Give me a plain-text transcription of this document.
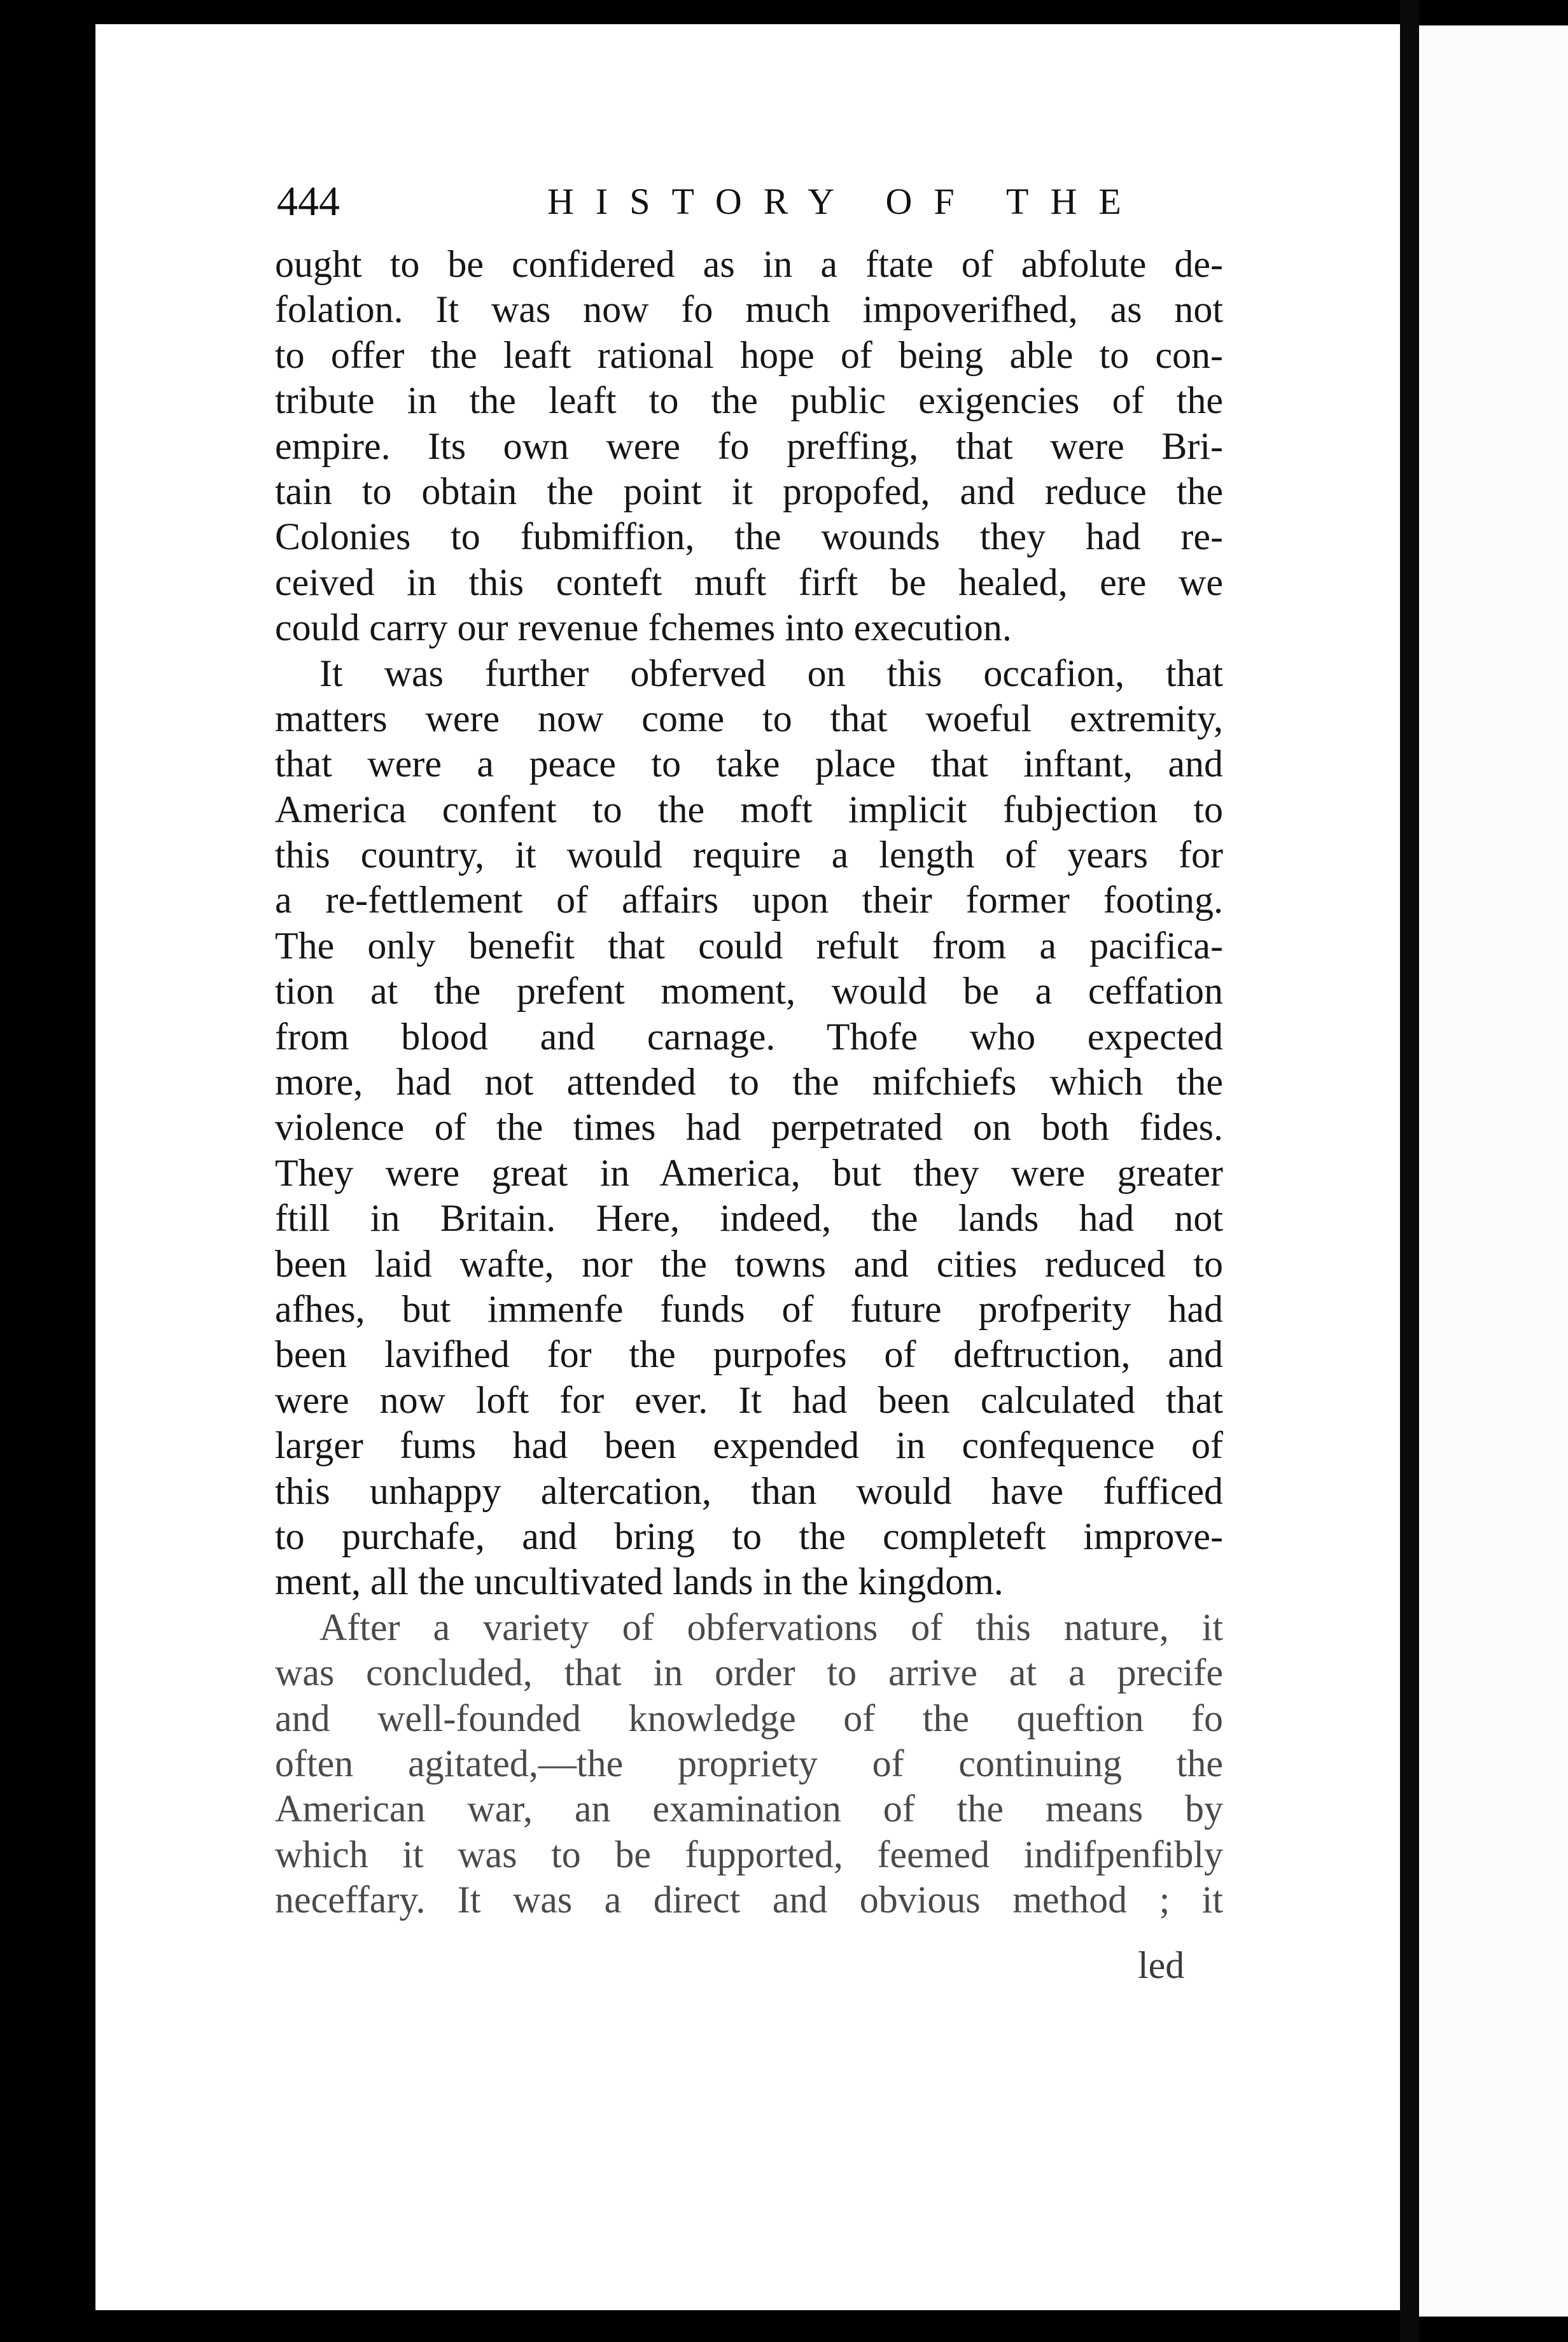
444	HISTORY OF THE
ought to be confidered as in a ftate of abfolute de-
folation. It was now fo much impoverifhed, as not
to offer the leaft rational hope of being able to con-
tribute in the leaft to the public exigencies of the
empire. Its own were fo preffing, that were Bri-
tain to obtain the point it propofed, and reduce the
Colonies to fubmiffion, the wounds they had re-
ceived in this conteft muft firft be healed, ere we
could carry our revenue fchemes into execution.
It was further obferved on this occafion, that
matters were now come to that woeful extremity,
that were a peace to take place that inftant, and
America confent to the moft implicit fubjection to
this country, it would require a length of years for
a re-fettlement of affairs upon their former footing.
The only benefit that could refult from a pacifica-
tion at the prefent moment, would be a ceffation
from blood and carnage. Thofe who expected
more, had not attended to the mifchiefs which the
violence of the times had perpetrated on both fides.
They were great in America, but they were greater
ftill in Britain. Here, indeed, the lands had not
been laid wafte, nor the towns and cities reduced to
afhes, but immenfe funds of future profperity had
been lavifhed for the purpofes of deftruction, and
were now loft for ever. It had been calculated that
larger fums had been expended in confequence of
this unhappy altercation, than would have fufficed
to purchafe, and bring to the completeft improve-
ment, all the uncultivated lands in the kingdom.
After a variety of obfervations of this nature, it
was concluded, that in order to arrive at a precife
and well-founded knowledge of the queftion fo
often agitated,—the propriety of continuing the
American war, an examination of the means by
which it was to be fupported, feemed indifpenfibly
neceffary. It was a direct and obvious method ; it
led
